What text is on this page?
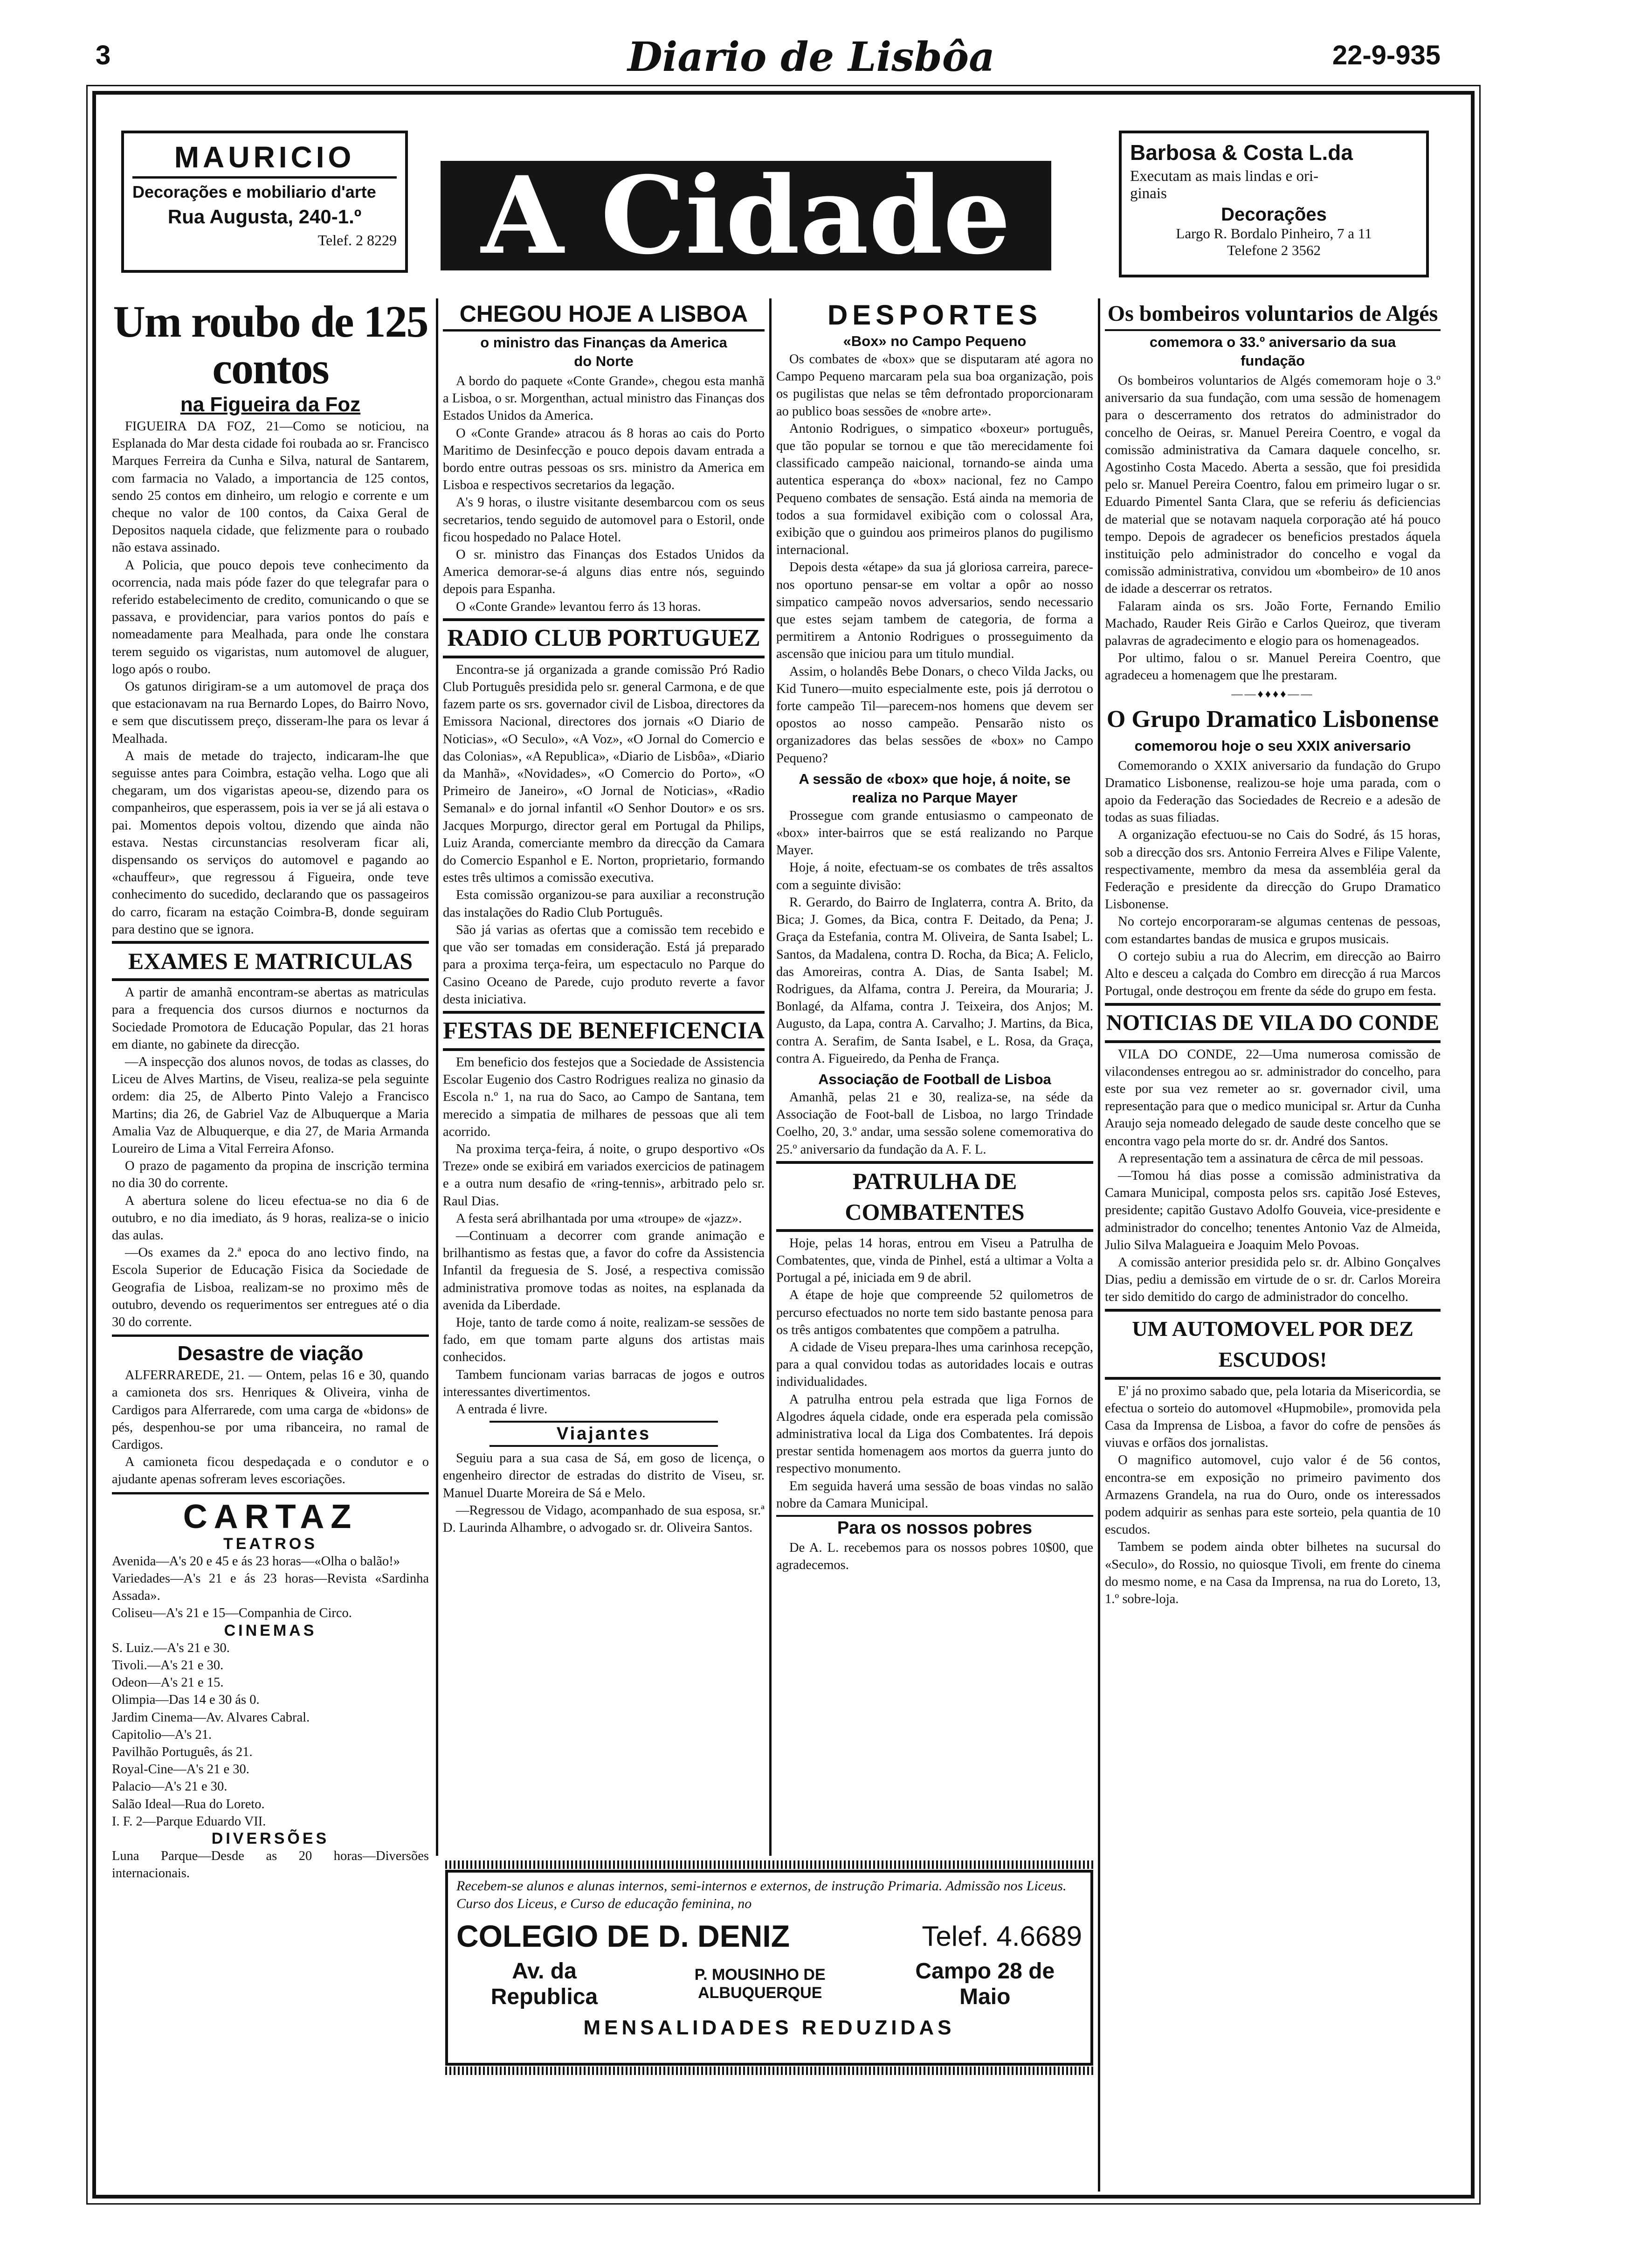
3	Diario de Lisbôa	22-9-935
MAURICIO
Decorações e mobiliario d'arte
Rua Augusta, 240-1.º
Telef. 2 8229 A Cidade
Barbosa & Costa L.da
Executam as mais lindas e ori-
ginais
Decorações
Largo R. Bordalo Pinheiro, 7 a 11
Telefone 2 3562
Um roubo de 125 contos
na Figueira da Foz

FIGUEIRA DA FOZ, 21—Como se noticiou, na Esplanada do Mar desta cidade foi roubada ao sr. Francisco Marques Ferreira da Cunha e Silva, natural de Santarem, com farmacia no Valado, a importancia de 125 contos, sendo 25 contos em dinheiro, um relogio e corrente e um cheque no valor de 100 contos, da Caixa Geral de Depositos naquela cidade, que felizmente para o roubado não estava assinado.

A Policia, que pouco depois teve conhecimento da ocorrencia, nada mais póde fazer do que telegrafar para o referido estabelecimento de credito, comunicando o que se passava, e providenciar, para varios pontos do país e nomeadamente para Mealhada, para onde lhe constara terem seguido os vigaristas, num automovel de aluguer, logo após o roubo.

Os gatunos dirigiram-se a um automovel de praça dos que estacionavam na rua Bernardo Lopes, do Bairro Novo, e sem que discutissem preço, disseram-lhe para os levar á Mealhada.

A mais de metade do trajecto, indicaram-lhe que seguisse antes para Coimbra, estação velha. Logo que ali chegaram, um dos vigaristas apeou-se, dizendo para os companheiros, que esperassem, pois ia ver se já ali estava o pai. Momentos depois voltou, dizendo que ainda não estava. Nestas circunstancias resolveram ficar ali, dispensando os serviços do automovel e pagando ao «chauffeur», que regressou á Figueira, onde teve conhecimento do sucedido, declarando que os passageiros do carro, ficaram na estação Coimbra-B, donde seguiram para destino que se ignora.

EXAMES E MATRICULAS

A partir de amanhã encontram-se abertas as matriculas para a frequencia dos cursos diurnos e nocturnos da Sociedade Promotora de Educação Popular, das 21 horas em diante, no gabinete da direcção.

—A inspecção dos alunos novos, de todas as classes, do Liceu de Alves Martins, de Viseu, realiza-se pela seguinte ordem: dia 25, de Alberto Pinto Valejo a Francisco Martins; dia 26, de Gabriel Vaz de Albuquerque a Maria Amalia Vaz de Albuquerque, e dia 27, de Maria Armanda Loureiro de Lima a Vital Ferreira Afonso.

O prazo de pagamento da propina de inscrição termina no dia 30 do corrente.

A abertura solene do liceu efectua-se no dia 6 de outubro, e no dia imediato, ás 9 horas, realiza-se o inicio das aulas.

—Os exames da 2.ª epoca do ano lectivo findo, na Escola Superior de Educação Fisica da Sociedade de Geografia de Lisboa, realizam-se no proximo mês de outubro, devendo os requerimentos ser entregues até o dia 30 do corrente.

Desastre de viação

ALFERRAREDE, 21. — Ontem, pelas 16 e 30, quando a camioneta dos srs. Henriques & Oliveira, vinha de Cardigos para Alferrarede, com uma carga de «bidons» de pés, despenhou-se por uma ribanceira, no ramal de Cardigos.

A camioneta ficou despedaçada e o condutor e o ajudante apenas sofreram leves escoriações.

CARTAZ
TEATROS

Avenida—A's 20 e 45 e ás 23 horas—«Olha o balão!»

Variedades—A's 21 e ás 23 horas—Revista «Sardinha Assada».

Coliseu—A's 21 e 15—Companhia de Circo.

CINEMAS

S. Luiz.—A's 21 e 30.

Tivoli.—A's 21 e 30.

Odeon—A's 21 e 15.

Olimpia—Das 14 e 30 ás 0.

Jardim Cinema—Av. Alvares Cabral.

Capitolio—A's 21.

Pavilhão Português, ás 21.

Royal-Cine—A's 21 e 30.

Palacio—A's 21 e 30.

Salão Ideal—Rua do Loreto.

I. F. 2—Parque Eduardo VII.

DIVERSÕES

Luna Parque—Desde as 20 horas—Diversões internacionais.

CHEGOU HOJE A LISBOA
o ministro das Finanças da America do Norte

A bordo do paquete «Conte Grande», chegou esta manhã a Lisboa, o sr. Morgenthan, actual ministro das Finanças dos Estados Unidos da America.

O «Conte Grande» atracou ás 8 horas ao cais do Porto Maritimo de Desinfecção e pouco depois davam entrada a bordo entre outras pessoas os srs. ministro da America em Lisboa e respectivos secretarios da legação.

A's 9 horas, o ilustre visitante desembarcou com os seus secretarios, tendo seguido de automovel para o Estoril, onde ficou hospedado no Palace Hotel.

O sr. ministro das Finanças dos Estados Unidos da America demorar-se-á alguns dias entre nós, seguindo depois para Espanha.

O «Conte Grande» levantou ferro ás 13 horas.

RADIO CLUB PORTUGUEZ

Encontra-se já organizada a grande comissão Pró Radio Club Português presidida pelo sr. general Carmona, e de que fazem parte os srs. governador civil de Lisboa, directores da Emissora Nacional, directores dos jornais «O Diario de Noticias», «O Seculo», «A Voz», «O Jornal do Comercio e das Colonias», «A Republica», «Diario de Lisbôa», «Diario da Manhã», «Novidades», «O Comercio do Porto», «O Primeiro de Janeiro», «O Jornal de Noticias», «Radio Semanal» e do jornal infantil «O Senhor Doutor» e os srs. Jacques Morpurgo, director geral em Portugal da Philips, Luiz Aranda, comerciante membro da direcção da Camara do Comercio Espanhol e E. Norton, proprietario, formando estes três ultimos a comissão executiva.

Esta comissão organizou-se para auxiliar a reconstrução das instalações do Radio Club Português.

São já varias as ofertas que a comissão tem recebido e que vão ser tomadas em consideração. Está já preparado para a proxima terça-feira, um espectaculo no Parque do Casino Oceano de Parede, cujo produto reverte a favor desta iniciativa.

FESTAS DE BENEFICENCIA

Em beneficio dos festejos que a Sociedade de Assistencia Escolar Eugenio dos Castro Rodrigues realiza no ginasio da Escola n.º 1, na rua do Saco, ao Campo de Santana, tem merecido a simpatia de milhares de pessoas que ali tem acorrido.

Na proxima terça-feira, á noite, o grupo desportivo «Os Treze» onde se exibirá em variados exercicios de patinagem e a outra num desafio de «ring-tennis», arbitrado pelo sr. Raul Dias.

A festa será abrilhantada por uma «troupe» de «jazz».

—Continuam a decorrer com grande animação e brilhantismo as festas que, a favor do cofre da Assistencia Infantil da freguesia de S. José, a respectiva comissão administrativa promove todas as noites, na esplanada da avenida da Liberdade.

Hoje, tanto de tarde como á noite, realizam-se sessões de fado, em que tomam parte alguns dos artistas mais conhecidos.

Tambem funcionam varias barracas de jogos e outros interessantes divertimentos.

A entrada é livre.

Viajantes

Seguiu para a sua casa de Sá, em goso de licença, o engenheiro director de estradas do distrito de Viseu, sr. Manuel Duarte Moreira de Sá e Melo.

—Regressou de Vidago, acompanhado de sua esposa, sr.ª D. Laurinda Alhambre, o advogado sr. dr. Oliveira Santos.

DESPORTES
«Box» no Campo Pequeno

Os combates de «box» que se disputaram até agora no Campo Pequeno marcaram pela sua boa organização, pois os pugilistas que nelas se têm defrontado proporcionaram ao publico boas sessões de «nobre arte».

Antonio Rodrigues, o simpatico «boxeur» português, que tão popular se tornou e que tão merecidamente foi classificado campeão naicional, tornando-se ainda uma autentica esperança do «box» nacional, fez no Campo Pequeno combates de sensação. Está ainda na memoria de todos a sua formidavel exibição com o colossal Ara, exibição que o guindou aos primeiros planos do pugilismo internacional.

Depois desta «étape» da sua já gloriosa carreira, parece-nos oportuno pensar-se em voltar a opôr ao nosso simpatico campeão novos adversarios, sendo necessario que estes sejam tambem de categoria, de forma a permitirem a Antonio Rodrigues o prosseguimento da ascensão que iniciou para um titulo mundial.

Assim, o holandês Bebe Donars, o checo Vilda Jacks, ou Kid Tunero—muito especialmente este, pois já derrotou o forte campeão Til—parecem-nos homens que devem ser opostos ao nosso campeão. Pensarão nisto os organizadores das belas sessões de «box» no Campo Pequeno?

A sessão de «box» que hoje, á noite, se realiza no Parque Mayer

Prossegue com grande entusiasmo o campeonato de «box» inter-bairros que se está realizando no Parque Mayer.

Hoje, á noite, efectuam-se os combates de três assaltos com a seguinte divisão:

R. Gerardo, do Bairro de Inglaterra, contra A. Brito, da Bica; J. Gomes, da Bica, contra F. Deitado, da Pena; J. Graça da Estefania, contra M. Oliveira, de Santa Isabel; L. Santos, da Madalena, contra D. Rocha, da Bica; A. Feliclo, das Amoreiras, contra A. Dias, de Santa Isabel; M. Rodrigues, da Alfama, contra J. Pereira, da Mouraria; J. Bonlagé, da Alfama, contra J. Teixeira, dos Anjos; M. Augusto, da Lapa, contra A. Carvalho; J. Martins, da Bica, contra A. Serafim, de Santa Isabel, e L. Rosa, da Graça, contra A. Figueiredo, da Penha de França.

Associação de Football de Lisboa

Amanhã, pelas 21 e 30, realiza-se, na séde da Associação de Foot-ball de Lisboa, no largo Trindade Coelho, 20, 3.º andar, uma sessão solene comemorativa do 25.º aniversario da fundação da A. F. L.

PATRULHA DE COMBATENTES

Hoje, pelas 14 horas, entrou em Viseu a Patrulha de Combatentes, que, vinda de Pinhel, está a ultimar a Volta a Portugal a pé, iniciada em 9 de abril.

A étape de hoje que compreende 52 quilometros de percurso efectuados no norte tem sido bastante penosa para os três antigos combatentes que compõem a patrulha.

A cidade de Viseu prepara-lhes uma carinhosa recepção, para a qual convidou todas as autoridades locais e outras individualidades.

A patrulha entrou pela estrada que liga Fornos de Algodres áquela cidade, onde era esperada pela comissão administrativa local da Liga dos Combatentes. Irá depois prestar sentida homenagem aos mortos da guerra junto do respectivo monumento.

Em seguida haverá uma sessão de boas vindas no salão nobre da Camara Municipal.

Para os nossos pobres

De A. L. recebemos para os nossos pobres 10$00, que agradecemos.

Os bombeiros voluntarios de Algés
comemora o 33.º aniversario da sua fundação

Os bombeiros voluntarios de Algés comemoram hoje o 3.º aniversario da sua fundação, com uma sessão de homenagem para o descerramento dos retratos do administrador do concelho de Oeiras, sr. Manuel Pereira Coentro, e vogal da comissão administrativa da Camara daquele concelho, sr. Agostinho Costa Macedo. Aberta a sessão, que foi presidida pelo sr. Manuel Pereira Coentro, falou em primeiro lugar o sr. Eduardo Pimentel Santa Clara, que se referiu ás deficiencias de material que se notavam naquela corporação até há pouco tempo. Depois de agradecer os beneficios prestados áquela instituição pelo administrador do concelho e vogal da comissão administrativa, convidou um «bombeiro» de 10 anos de idade a descerrar os retratos.

Falaram ainda os srs. João Forte, Fernando Emilio Machado, Rauder Reis Girão e Carlos Queiroz, que tiveram palavras de agradecimento e elogio para os homenageados.

Por ultimo, falou o sr. Manuel Pereira Coentro, que agradeceu a homenagem que lhe prestaram.

——♦♦♦♦——
O Grupo Dramatico Lisbonense
comemorou hoje o seu XXIX aniversario

Comemorando o XXIX aniversario da fundação do Grupo Dramatico Lisbonense, realizou-se hoje uma parada, com o apoio da Federação das Sociedades de Recreio e a adesão de todas as suas filiadas.

A organização efectuou-se no Cais do Sodré, ás 15 horas, sob a direcção dos srs. Antonio Ferreira Alves e Filipe Valente, respectivamente, membro da mesa da assembléia geral da Federação e presidente da direcção do Grupo Dramatico Lisbonense.

No cortejo encorporaram-se algumas centenas de pessoas, com estandartes bandas de musica e grupos musicais.

O cortejo subiu a rua do Alecrim, em direcção ao Bairro Alto e desceu a calçada do Combro em direcção á rua Marcos Portugal, onde destroçou em frente da séde do grupo em festa.

NOTICIAS DE VILA DO CONDE

VILA DO CONDE, 22—Uma numerosa comissão de vilacondenses entregou ao sr. administrador do concelho, para este por sua vez remeter ao sr. governador civil, uma representação para que o medico municipal sr. Artur da Cunha Araujo seja nomeado delegado de saude deste concelho que se encontra vago pela morte do sr. dr. André dos Santos.

A representação tem a assinatura de cêrca de mil pessoas.

—Tomou há dias posse a comissão administrativa da Camara Municipal, composta pelos srs. capitão José Esteves, presidente; capitão Gustavo Adolfo Gouveia, vice-presidente e administrador do concelho; tenentes Antonio Vaz de Almeida, Julio Silva Malagueira e Joaquim Melo Povoas.

A comissão anterior presidida pelo sr. dr. Albino Gonçalves Dias, pediu a demissão em virtude de o sr. dr. Carlos Moreira ter sido demitido do cargo de administrador do concelho.

UM AUTOMOVEL POR DEZ ESCUDOS!

E' já no proximo sabado que, pela lotaria da Misericordia, se efectua o sorteio do automovel «Hupmobile», promovida pela Casa da Imprensa de Lisboa, a favor do cofre de pensões ás viuvas e orfãos dos jornalistas.

O magnifico automovel, cujo valor é de 56 contos, encontra-se em exposição no primeiro pavimento dos Armazens Grandela, na rua do Ouro, onde os interessados podem adquirir as senhas para este sorteio, pela quantia de 10 escudos.

Tambem se podem ainda obter bilhetes na sucursal do «Seculo», do Rossio, no quiosque Tivoli, em frente do cinema do mesmo nome, e na Casa da Imprensa, na rua do Loreto, 13, 1.º sobre-loja.

Recebem-se alunos e alunas internos, semi-internos e externos, de instrução Primaria. Admissão nos Liceus. Curso dos Liceus, e Curso de educação feminina, no
COLEGIO DE D. DENIZ	Telef. 4.6689
Av. da Republica
P. MOUSINHO DE ALBUQUERQUE
Campo 28 de Maio
MENSALIDADES REDUZIDAS
